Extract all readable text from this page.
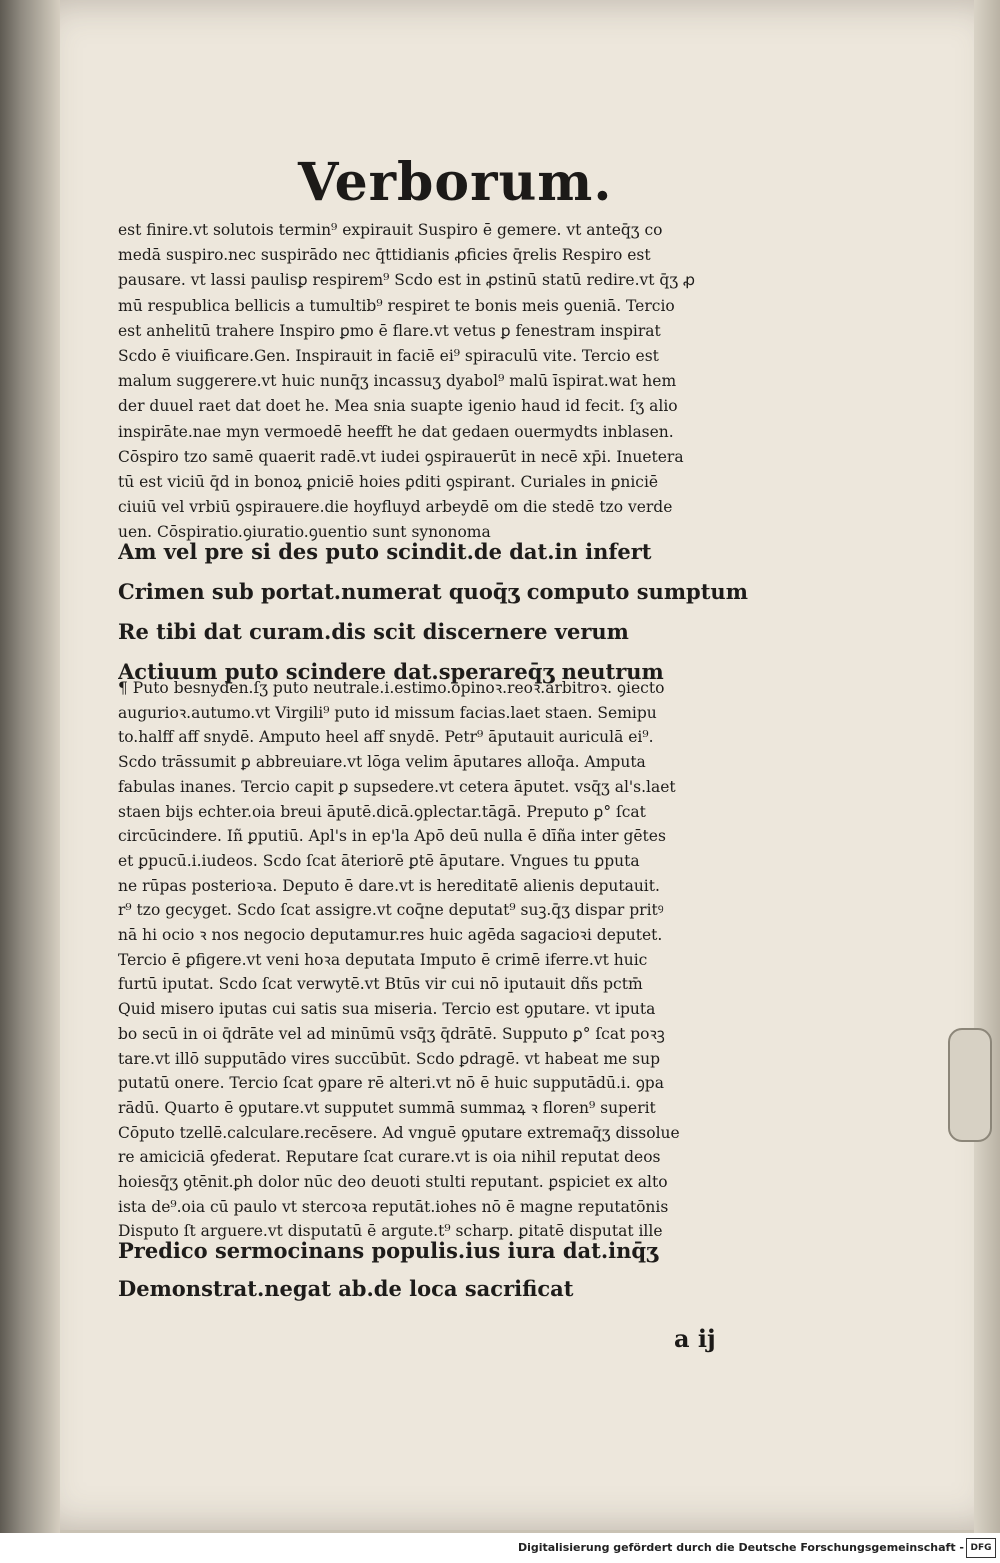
Verborum.
est finire.vt solutois termin⁹ expirauit Suspiro ē gemere. vt anteq̄ʒ co
medā suspiro.nec suspirādo nec q̄ttidianis ꝓficies q̄relis Respiro est
pausare. vt lassi paulisꝑ respirem⁹ Scdo est in ꝓstinū statū redire.vt q̄ʒ ꝓ
mū respublica bellicis a tumultib⁹ respiret te bonis meis ꝯueniā. Tercio
est anhelitū trahere Inspiro ꝑmo ē flare.vt vetus ꝑ fenestram inspirat
Scdo ē viuificare.Gen. Inspirauit in faciē ei⁹ spiraculū vite. Tercio est
malum suggerere.vt huic nunq̄ʒ incassuʒ dyabol⁹ malū īspirat.wat hem
der duuel raet dat doet he. Mea snia suapte igenio haud id fecit. ſʒ alio
inspirāte.nae myn vermoedē heefft he dat gedaen ouermydts inblasen.
Cōspiro tzo samē quaerit radē.vt iudei ꝯspirauerūt in necē xp̄i. Inuetera
tū est viciū q̄d in bonoꝝ ꝑniciē hoies ꝑditi ꝯspirant. Curiales in ꝑniciē
ciuiū vel vrbiū ꝯspirauere.die hoyfluyd arbeydē om die stedē tzo verde
uen. Cōspiratio.ꝯiuratio.ꝯuentio sunt synonoma
Am vel pre si des puto scindit.de dat.in infert
Crimen sub portat.numerat quoq̄ʒ computo sumptum
Re tibi dat curam.dis scit discernere verum
Actiuum puto scindere dat.sperareq̄ʒ neutrum
¶ Puto besnyden.ſʒ puto neutrale.i.estimo.opinoꝛ.reoꝛ.arbitroꝛ. ꝯiecto
augurioꝛ.autumo.vt Virgili⁹ puto id missum facias.laet staen. Semipu
to.halff aff snydē. Amputo heel aff snydē. Petr⁹ āputauit auriculā ei⁹.
Scdo trāssumit ꝑ abbreuiare.vt lōga velim āputares alloq̄a. Amputa
fabulas inanes. Tercio capit ꝑ supsedere.vt cetera āputet. vsq̄ʒ al's.laet
staen bijs echter.oia breui āputē.dicā.ꝯplectar.tāgā. Preputo ꝑ° ſcat
circūcindere. Iñ ꝑputiū. Apl's in ep'la Apō deū nulla ē dīña inter gētes
et ꝑpucū.i.iudeos. Scdo ſcat āteriorē ꝑtē āputare. Vngues tu ꝑputa
ne rūpas posterioꝛa. Deputo ē dare.vt is hereditatē alienis deputauit.
r⁹ tzo gecyget. Scdo ſcat assigre.vt coq̄ne deputat⁹ suꝫ.q̄ʒ dispar pritꝰ
nā hi ocio ꝛ nos negocio deputamur.res huic agēda sagacioꝛi deputet.
Tercio ē ꝑfigere.vt veni hoꝛa deputata Imputo ē crimē iferre.vt huic
furtū iputat. Scdo ſcat verwytē.vt Btūs vir cui nō iputauit dñs pctm̄
Quid misero iputas cui satis sua miseria. Tercio est ꝯputare. vt iputa
bo secū in oi q̄drāte vel ad minūmū vsq̄ʒ q̄drātē. Supputo ꝑ° ſcat poꝛꝫ
tare.vt illō supputādo vires succūbūt. Scdo ꝑdragē. vt habeat me sup
putatū onere. Tercio ſcat ꝯpare rē alteri.vt nō ē huic supputādū.i. ꝯpa
rādū. Quarto ē ꝯputare.vt supputet summā summaꝝ ꝛ floren⁹ superit
Cōputo tzellē.calculare.recēsere. Ad vnguē ꝯputare extremaq̄ʒ dissolue
re amiciciā ꝯfederat. Reputare ſcat curare.vt is oia nihil reputat deos
hoiesq̄ʒ ꝯtēnit.ꝑh dolor nūc deo deuoti stulti reputant. ꝑspiciet ex alto
ista de⁹.oia cū paulo vt stercoꝛa reputāt.iohes nō ē magne reputatōnis
Disputo ſt arguere.vt disputatū ē argute.t⁹ scharp. ꝑitatē disputat ille
Predico sermocinans populis.ius iura dat.inq̄ʒ
Demonstrat.negat ab.de loca sacrificat
a ij
Digitalisierung gefördert durch die Deutsche Forschungsgemeinschaft - DFG
